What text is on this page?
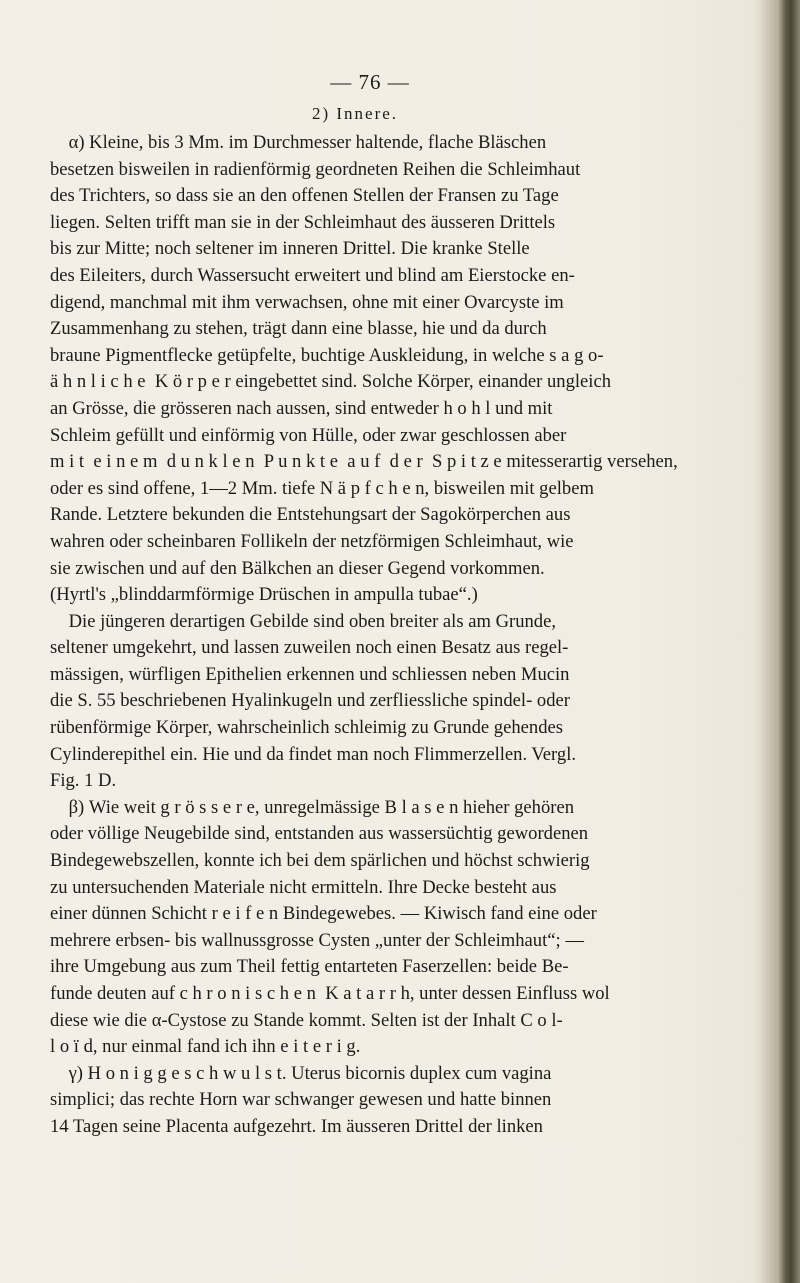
— 76 —
2) Innere.
α) Kleine, bis 3 Mm. im Durchmesser haltende, flache Bläschen
besetzen bisweilen in radienförmig geordneten Reihen die Schleimhaut
des Trichters, so dass sie an den offenen Stellen der Fransen zu Tage
liegen. Selten trifft man sie in der Schleimhaut des äusseren Drittels
bis zur Mitte; noch seltener im inneren Drittel. Die kranke Stelle
des Eileiters, durch Wassersucht erweitert und blind am Eierstocke en-
digend, manchmal mit ihm verwachsen, ohne mit einer Ovarcyste im
Zusammenhang zu stehen, trägt dann eine blasse, hie und da durch
braune Pigmentflecke getüpfelte, buchtige Auskleidung, in welche s a g o-
ä h n l i c h e  K ö r p e r eingebettet sind. Solche Körper, einander ungleich
an Grösse, die grösseren nach aussen, sind entweder h o h l und mit
Schleim gefüllt und einförmig von Hülle, oder zwar geschlossen aber
m i t  e i n e m  d u n k l e n  P u n k t e  a u f  d e r  S p i t z e mitesserartig versehen,
oder es sind offene, 1—2 Mm. tiefe N ä p f c h e n, bisweilen mit gelbem
Rande. Letztere bekunden die Entstehungsart der Sagokörperchen aus
wahren oder scheinbaren Follikeln der netzförmigen Schleimhaut, wie
sie zwischen und auf den Bälkchen an dieser Gegend vorkommen.
(Hyrtl's „blinddarmförmige Drüschen in ampulla tubae“.)
Die jüngeren derartigen Gebilde sind oben breiter als am Grunde,
seltener umgekehrt, und lassen zuweilen noch einen Besatz aus regel-
mässigen, würfligen Epithelien erkennen und schliessen neben Mucin
die S. 55 beschriebenen Hyalinkugeln und zerfliessliche spindel- oder
rübenförmige Körper, wahrscheinlich schleimig zu Grunde gehendes
Cylinderepithel ein. Hie und da findet man noch Flimmerzellen. Vergl.
Fig. 1 D.
β) Wie weit g r ö s s e r e, unregelmässige B l a s e n hieher gehören
oder völlige Neugebilde sind, entstanden aus wassersüchtig gewordenen
Bindegewebszellen, konnte ich bei dem spärlichen und höchst schwierig
zu untersuchenden Materiale nicht ermitteln. Ihre Decke besteht aus
einer dünnen Schicht r e i f e n Bindegewebes. — Kiwisch fand eine oder
mehrere erbsen- bis wallnussgrosse Cysten „unter der Schleimhaut“; —
ihre Umgebung aus zum Theil fettig entarteten Faserzellen: beide Be-
funde deuten auf c h r o n i s c h e n  K a t a r r h, unter dessen Einfluss wol
diese wie die α-Cystose zu Stande kommt. Selten ist der Inhalt C o l-
l o ï d, nur einmal fand ich ihn e i t e r i g.
γ) H o n i g g e s c h w u l s t. Uterus bicornis duplex cum vagina
simplici; das rechte Horn war schwanger gewesen und hatte binnen
14 Tagen seine Placenta aufgezehrt. Im äusseren Drittel der linken
